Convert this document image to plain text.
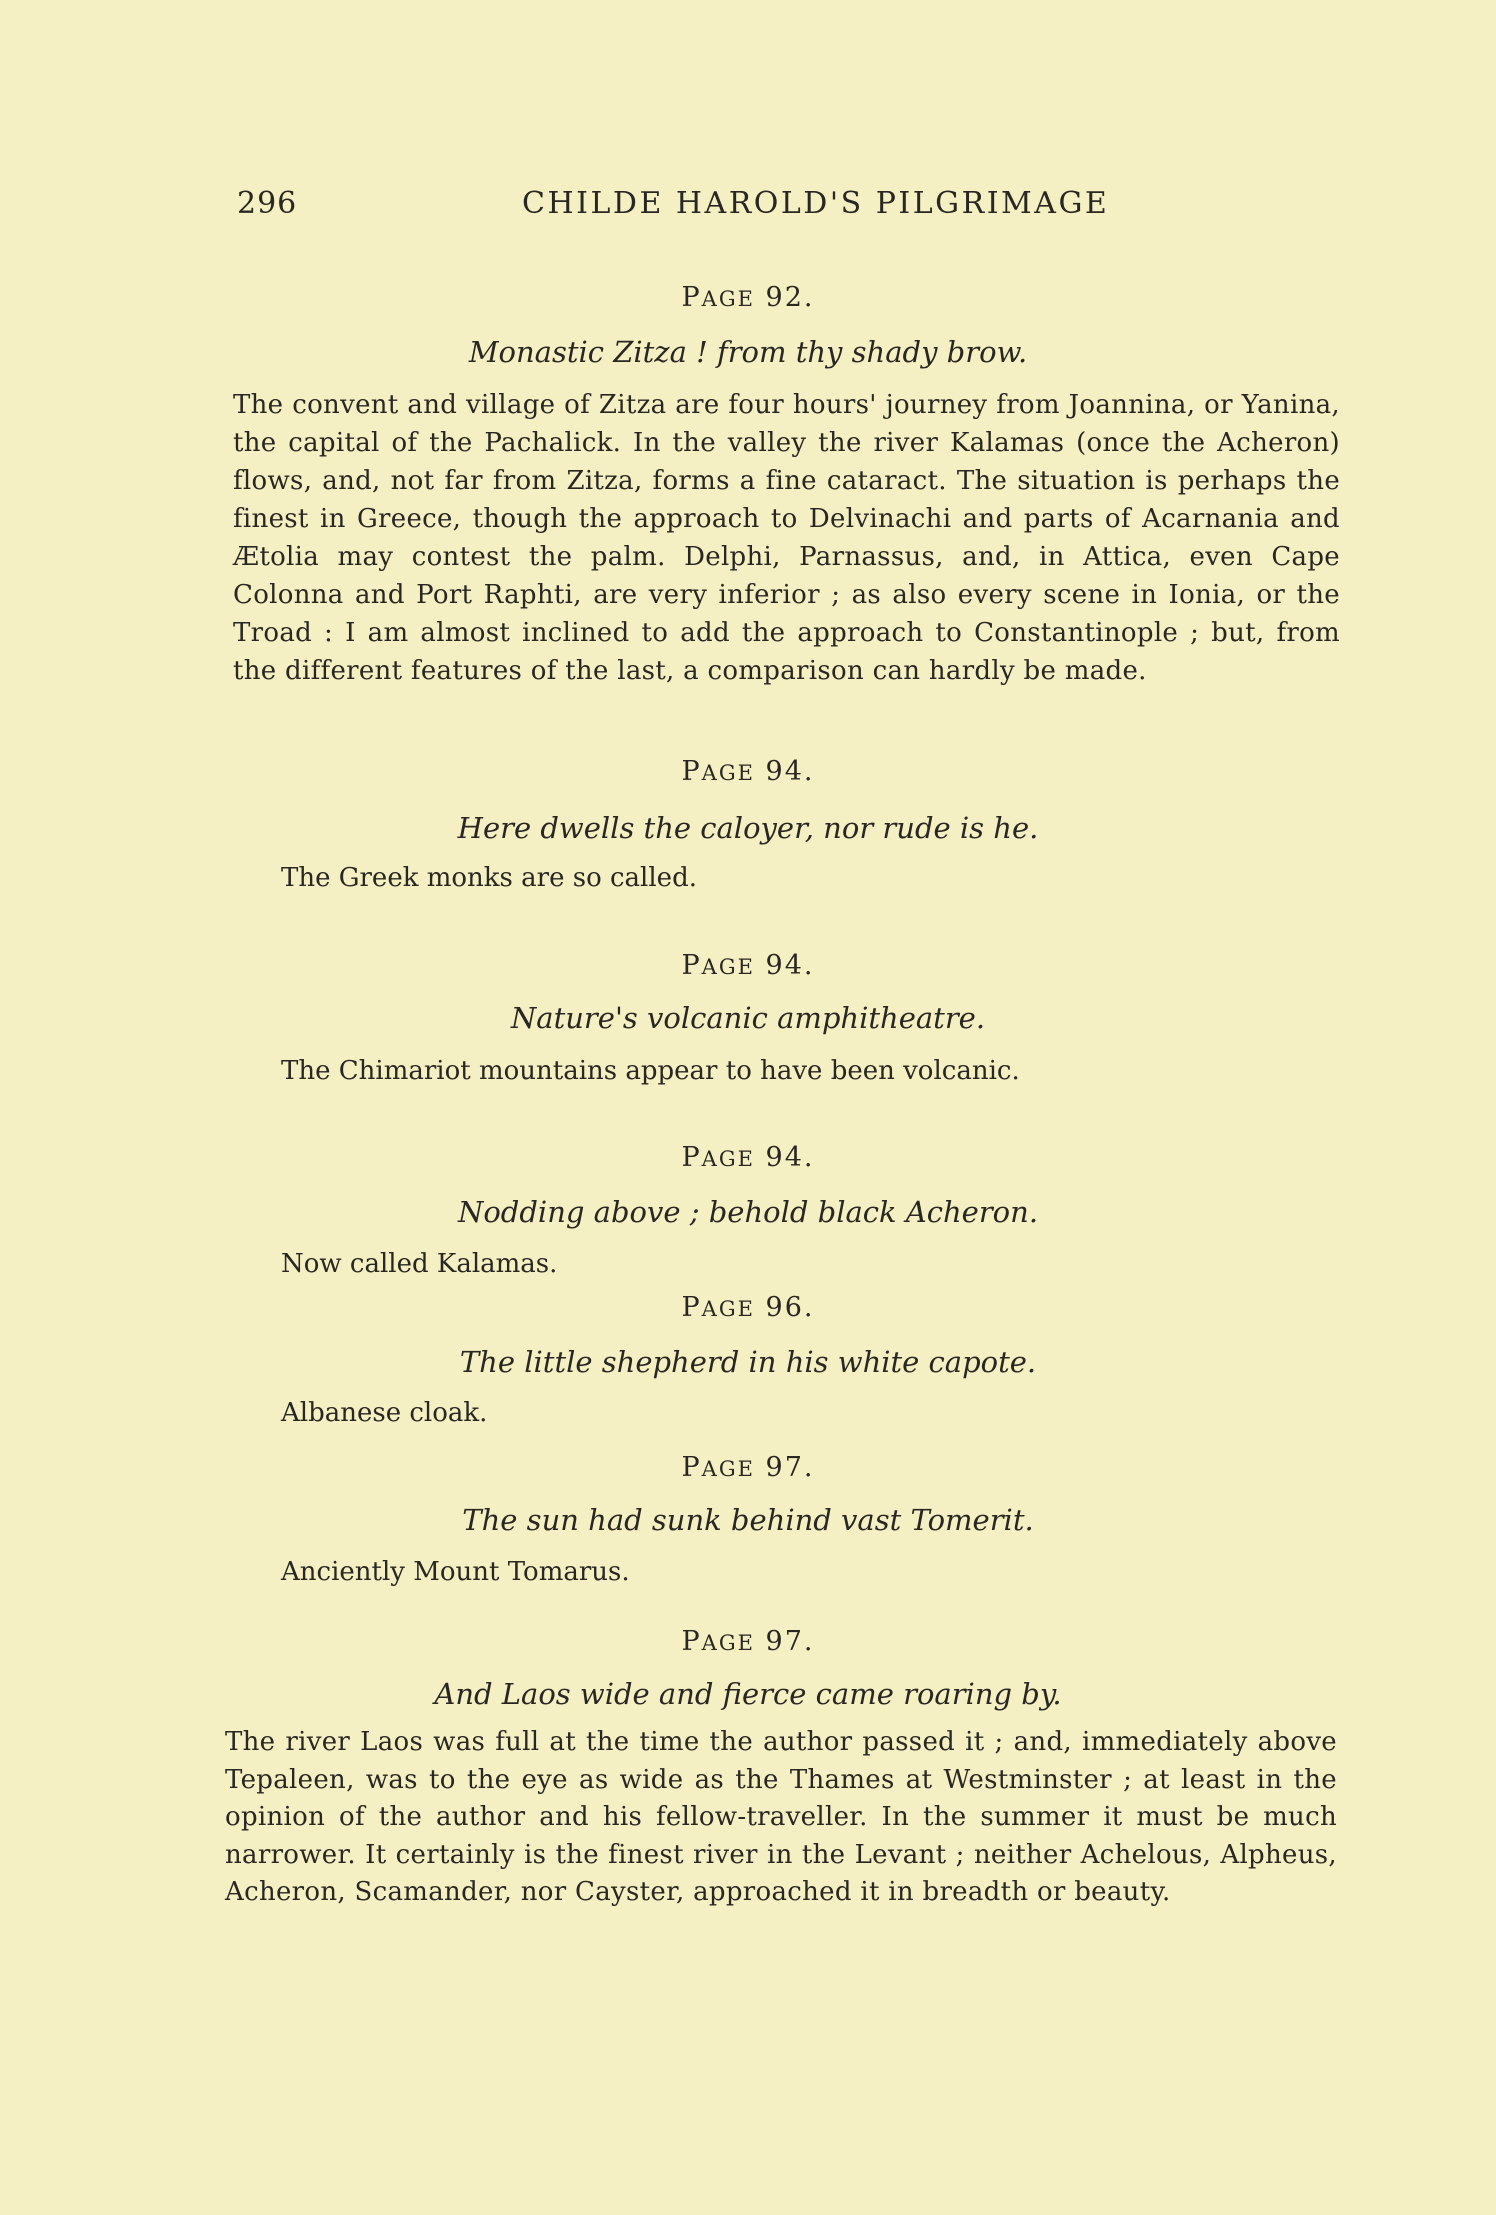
296	CHILDE HAROLD'S PILGRIMAGE
PAGE 92.
Monastic Zitza ! from thy shady brow.
The convent and village of Zitza are four hours' journey from Joannina, or Yanina, the capital of the Pachalick. In the valley the river Kalamas (once the Acheron) flows, and, not far from Zitza, forms a fine cataract. The situation is perhaps the finest in Greece, though the approach to Delvinachi and parts of Acarnania and Ætolia may contest the palm. Delphi, Parnassus, and, in Attica, even Cape Colonna and Port Raphti, are very inferior ; as also every scene in Ionia, or the Troad : I am almost inclined to add the approach to Constantinople ; but, from the different features of the last, a comparison can hardly be made.
PAGE 94.
Here dwells the caloyer, nor rude is he.
The Greek monks are so called.
PAGE 94.
Nature's volcanic amphitheatre.
The Chimariot mountains appear to have been volcanic.
PAGE 94.
Nodding above ; behold black Acheron.
Now called Kalamas.
PAGE 96.
The little shepherd in his white capote.
Albanese cloak.
PAGE 97.
The sun had sunk behind vast Tomerit.
Anciently Mount Tomarus.
PAGE 97.
And Laos wide and fierce came roaring by.
The river Laos was full at the time the author passed it ; and, immediately above Tepaleen, was to the eye as wide as the Thames at Westminster ; at least in the opinion of the author and his fellow-traveller. In the summer it must be much narrower. It certainly is the finest river in the Levant ; neither Achelous, Alpheus, Acheron, Scamander, nor Cayster, approached it in breadth or beauty.
